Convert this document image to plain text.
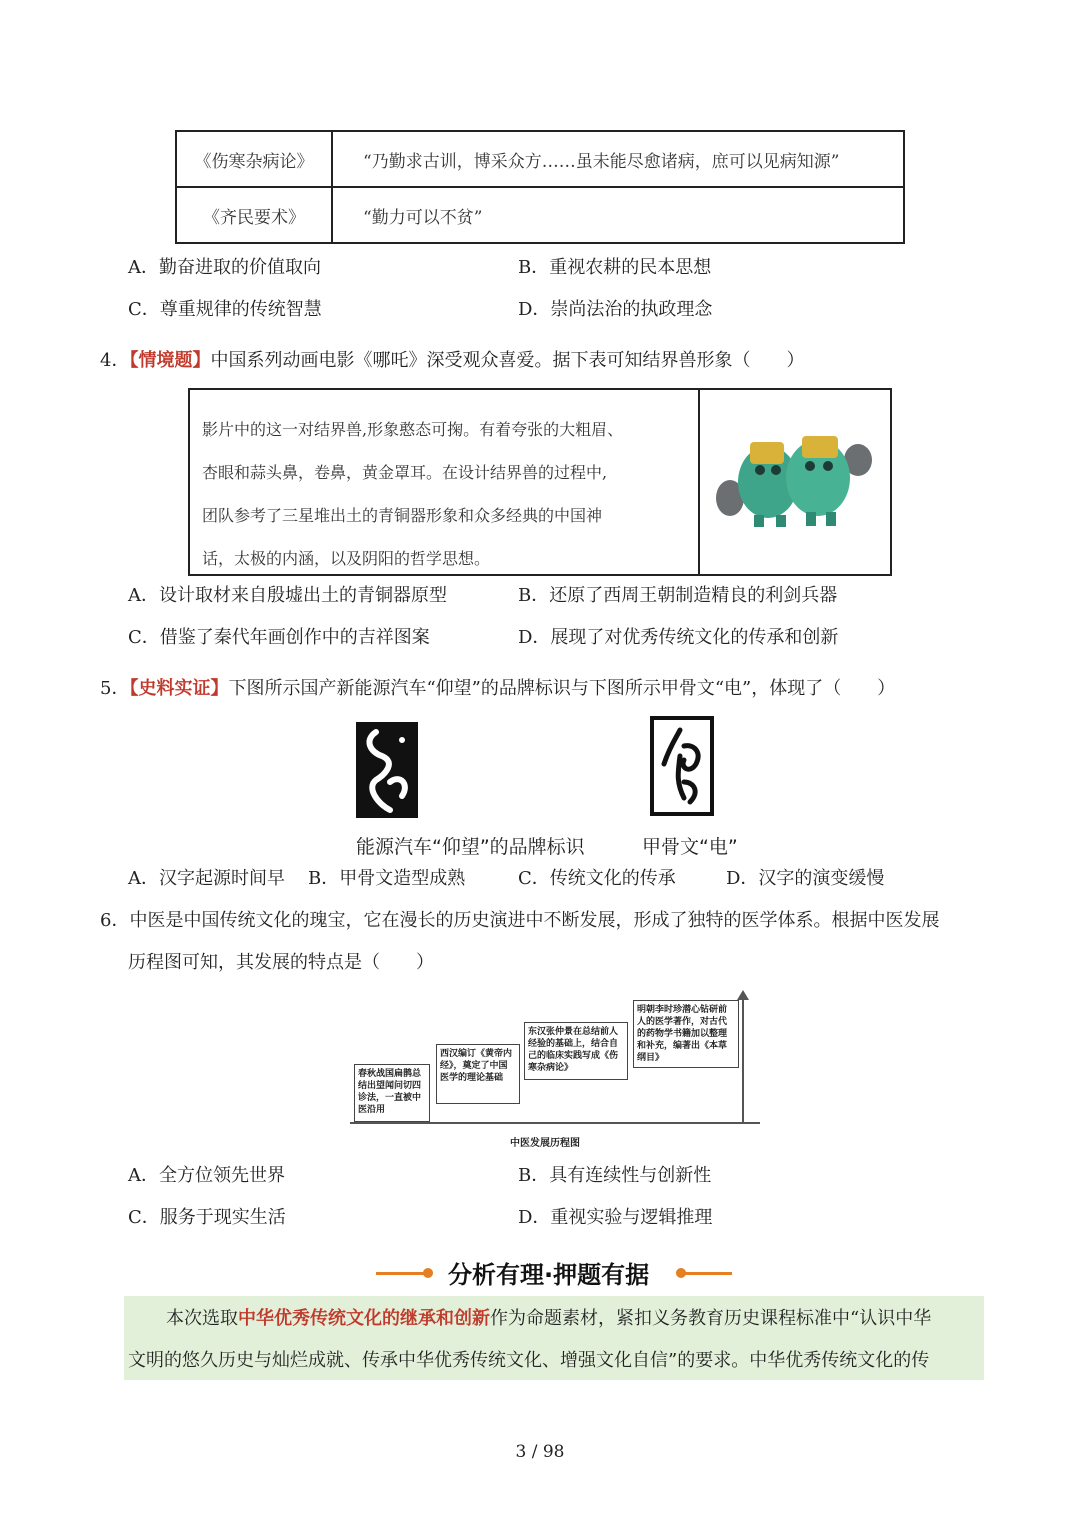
《伤寒杂病论》	“乃勤求古训，博采众方……虽未能尽愈诸病，庶可以见病知源”
《齐民要术》	“勤力可以不贫”
A．勤奋进取的价值取向	B．重视农耕的民本思想
C．尊重规律的传统智慧	D．崇尚法治的执政理念
4．【情境题】中国系列动画电影《哪吒》深受观众喜爱。据下表可知结界兽形象（　　）
影片中的这一对结界兽,形象憨态可掬。有着夸张的大粗眉、
杏眼和蒜头鼻，卷鼻，黄金罩耳。在设计结界兽的过程中,
团队参考了三星堆出土的青铜器形象和众多经典的中国神
话，太极的内涵，以及阴阳的哲学思想。
A．设计取材来自殷墟出土的青铜器原型	B．还原了西周王朝制造精良的利剑兵器
C．借鉴了秦代年画创作中的吉祥图案	D．展现了对优秀传统文化的传承和创新
5．【史料实证】下图所示国产新能源汽车“仰望”的品牌标识与下图所示甲骨文“电”，体现了（　　）
能源汽车“仰望”的品牌标识	甲骨文“电”
A．汉字起源时间早 B．甲骨文造型成熟	C．传统文化的传承	D．汉字的演变缓慢
6．中医是中国传统文化的瑰宝，它在漫长的历史演进中不断发展，形成了独特的医学体系。根据中医发展
历程图可知，其发展的特点是（　　）
春秋战国扁鹊总结出望闻问切四诊法，一直被中医沿用
西汉编订《黄帝内经》，奠定了中国医学的理论基础
东汉张仲景在总结前人经验的基础上，结合自己的临床实践写成《伤寒杂病论》
明朝李时珍潜心钻研前人的医学著作，对古代的药物学书籍加以整理和补充，编著出《本草纲目》
中医发展历程图
A．全方位领先世界	B．具有连续性与创新性
C．服务于现实生活	D．重视实验与逻辑推理
分析有理·押题有据
本次选取中华优秀传统文化的继承和创新作为命题素材，紧扣义务教育历史课程标准中“认识中华
文明的悠久历史与灿烂成就、传承中华优秀传统文化、增强文化自信”的要求。中华优秀传统文化的传
3 / 98
